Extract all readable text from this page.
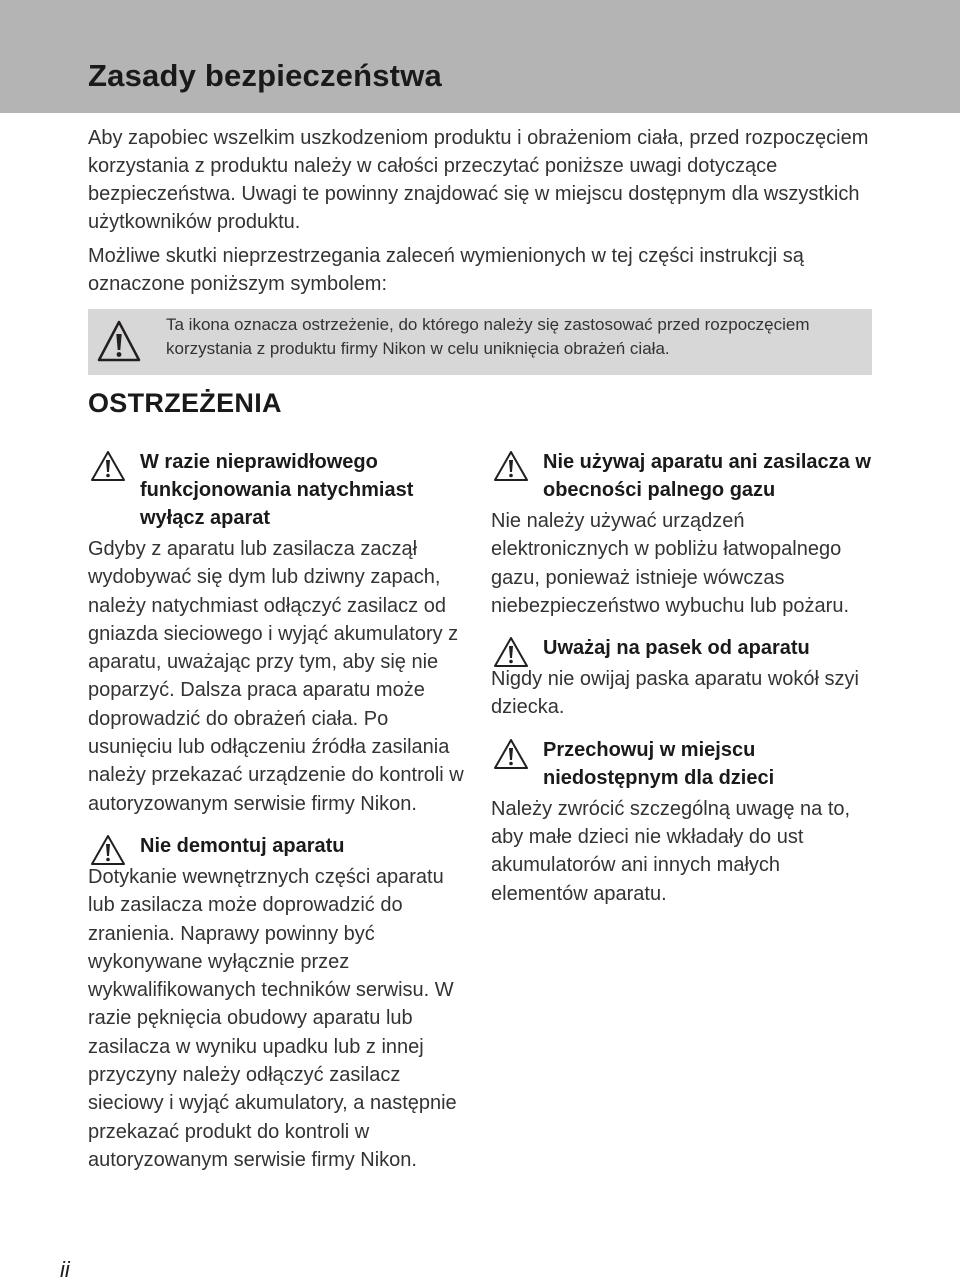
Zasady bezpieczeństwa

Aby zapobiec wszelkim uszkodzeniom produktu i obrażeniom ciała, przed rozpoczęciem korzystania z produktu należy w całości przeczytać poniższe uwagi dotyczące bezpieczeństwa. Uwagi te powinny znajdować się w miejscu dostępnym dla wszystkich użytkowników produktu.

Możliwe skutki nieprzestrzegania zaleceń wymienionych w tej części instrukcji są oznaczone poniższym symbolem:

Ta ikona oznacza ostrzeżenie, do którego należy się zastosować przed rozpoczęciem korzystania z produktu firmy Nikon w celu uniknięcia obrażeń ciała.

OSTRZEŻENIA
W razie nieprawidłowego funkcjonowania natychmiast wyłącz aparat

Gdyby z aparatu lub zasilacza zaczął wydobywać się dym lub dziwny zapach, należy natychmiast odłączyć zasilacz od gniazda sieciowego i wyjąć akumulatory z aparatu, uważając przy tym, aby się nie poparzyć. Dalsza praca aparatu może doprowadzić do obrażeń ciała. Po usunięciu lub odłączeniu źródła zasilania należy przekazać urządzenie do kontroli w autoryzowanym serwisie firmy Nikon.

Nie demontuj aparatu

Dotykanie wewnętrznych części aparatu lub zasilacza może doprowadzić do zranienia. Naprawy powinny być wykonywane wyłącznie przez wykwalifikowanych techników serwisu. W razie pęknięcia obudowy aparatu lub zasilacza w wyniku upadku lub z innej przyczyny należy odłączyć zasilacz sieciowy i wyjąć akumulatory, a następnie przekazać produkt do kontroli w autoryzowanym serwisie firmy Nikon.

Nie używaj aparatu ani zasilacza w obecności palnego gazu

Nie należy używać urządzeń elektronicznych w pobliżu łatwopalnego gazu, ponieważ istnieje wówczas niebezpieczeństwo wybuchu lub pożaru.

Uważaj na pasek od aparatu

Nigdy nie owijaj paska aparatu wokół szyi dziecka.

Przechowuj w miejscu niedostępnym dla dzieci

Należy zwrócić szczególną uwagę na to, aby małe dzieci nie wkładały do ust akumulatorów ani innych małych elementów aparatu.

ii
